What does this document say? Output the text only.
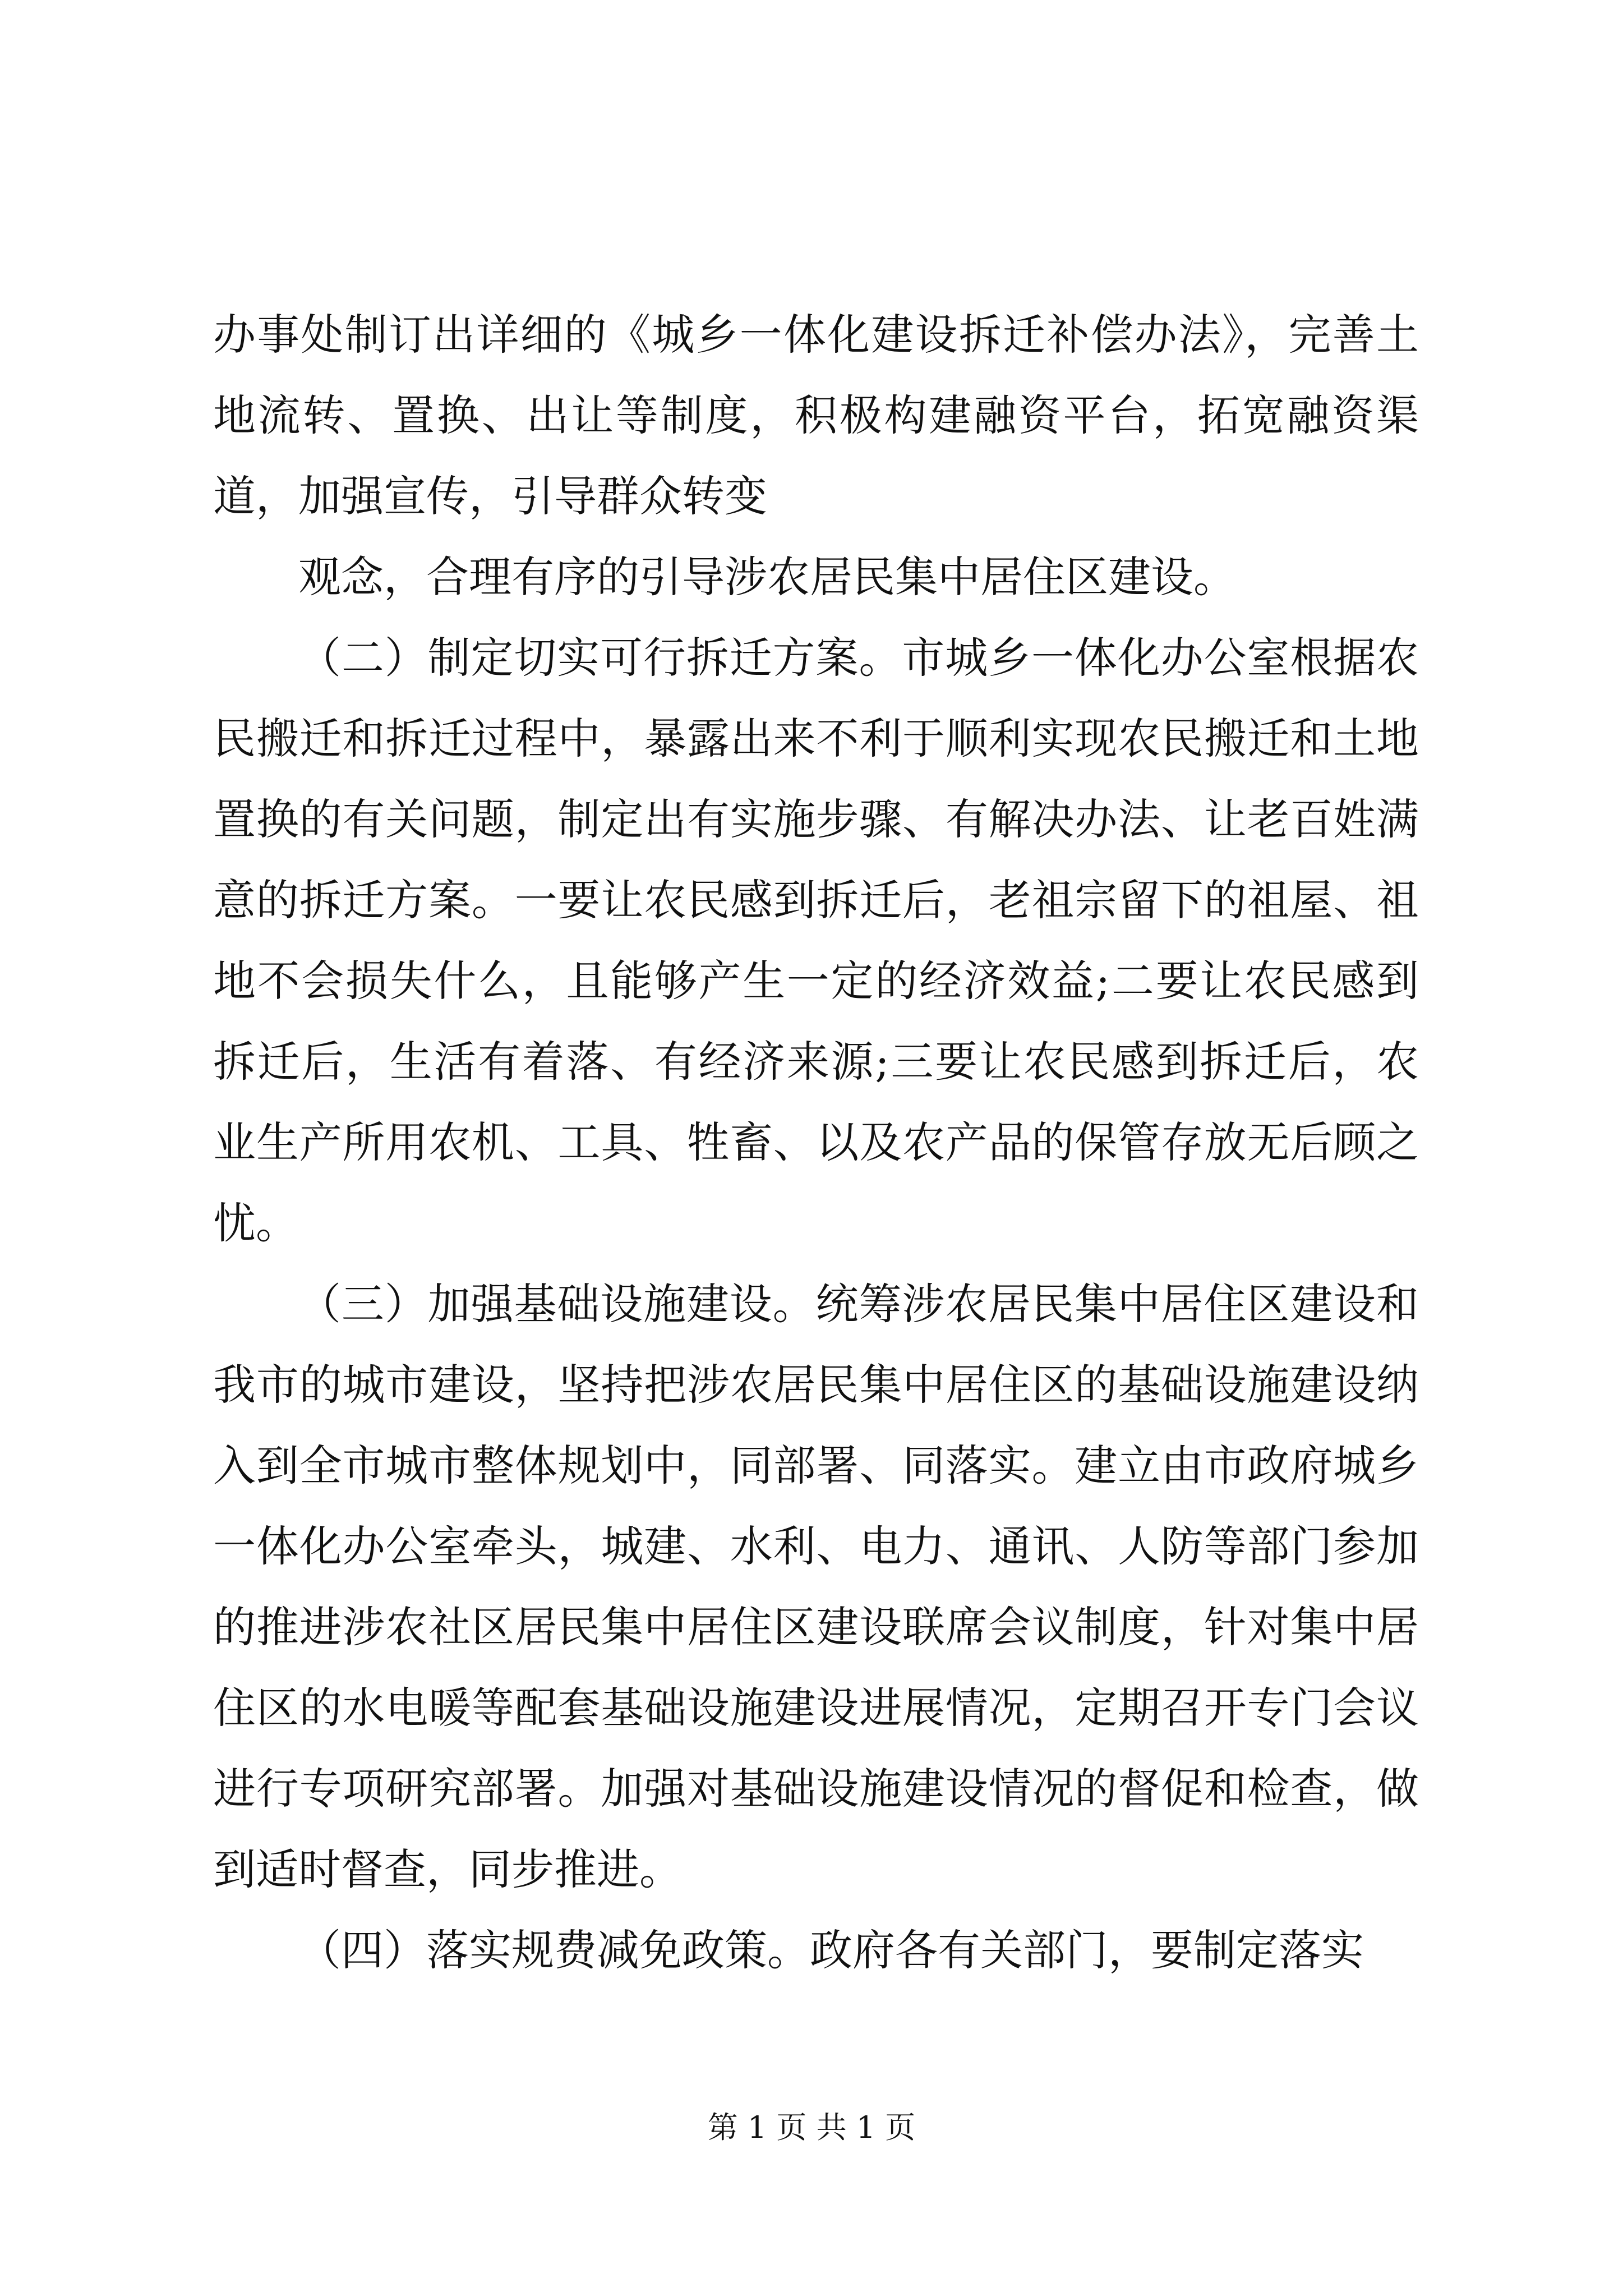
办事处制订出详细的《城乡一体化建设拆迁补偿办法》，完善土地流转、置换、出让等制度，积极构建融资平台，拓宽融资渠道，加强宣传，引导群众转变

观念，合理有序的引导涉农居民集中居住区建设。

（二）制定切实可行拆迁方案。市城乡一体化办公室根据农民搬迁和拆迁过程中，暴露出来不利于顺利实现农民搬迁和土地置换的有关问题，制定出有实施步骤、有解决办法、让老百姓满意的拆迁方案。一要让农民感到拆迁后，老祖宗留下的祖屋、祖地不会损失什么，且能够产生一定的经济效益;二要让农民感到拆迁后，生活有着落、有经济来源;三要让农民感到拆迁后，农业生产所用农机、工具、牲畜、以及农产品的保管存放无后顾之忧。

（三）加强基础设施建设。统筹涉农居民集中居住区建设和我市的城市建设，坚持把涉农居民集中居住区的基础设施建设纳入到全市城市整体规划中，同部署、同落实。建立由市政府城乡一体化办公室牵头，城建、水利、电力、通讯、人防等部门参加的推进涉农社区居民集中居住区建设联席会议制度，针对集中居住区的水电暖等配套基础设施建设进展情况，定期召开专门会议进行专项研究部署。加强对基础设施建设情况的督促和检查，做到适时督查，同步推进。

（四）落实规费减免政策。政府各有关部门，要制定落实

第 1 页 共 1 页
